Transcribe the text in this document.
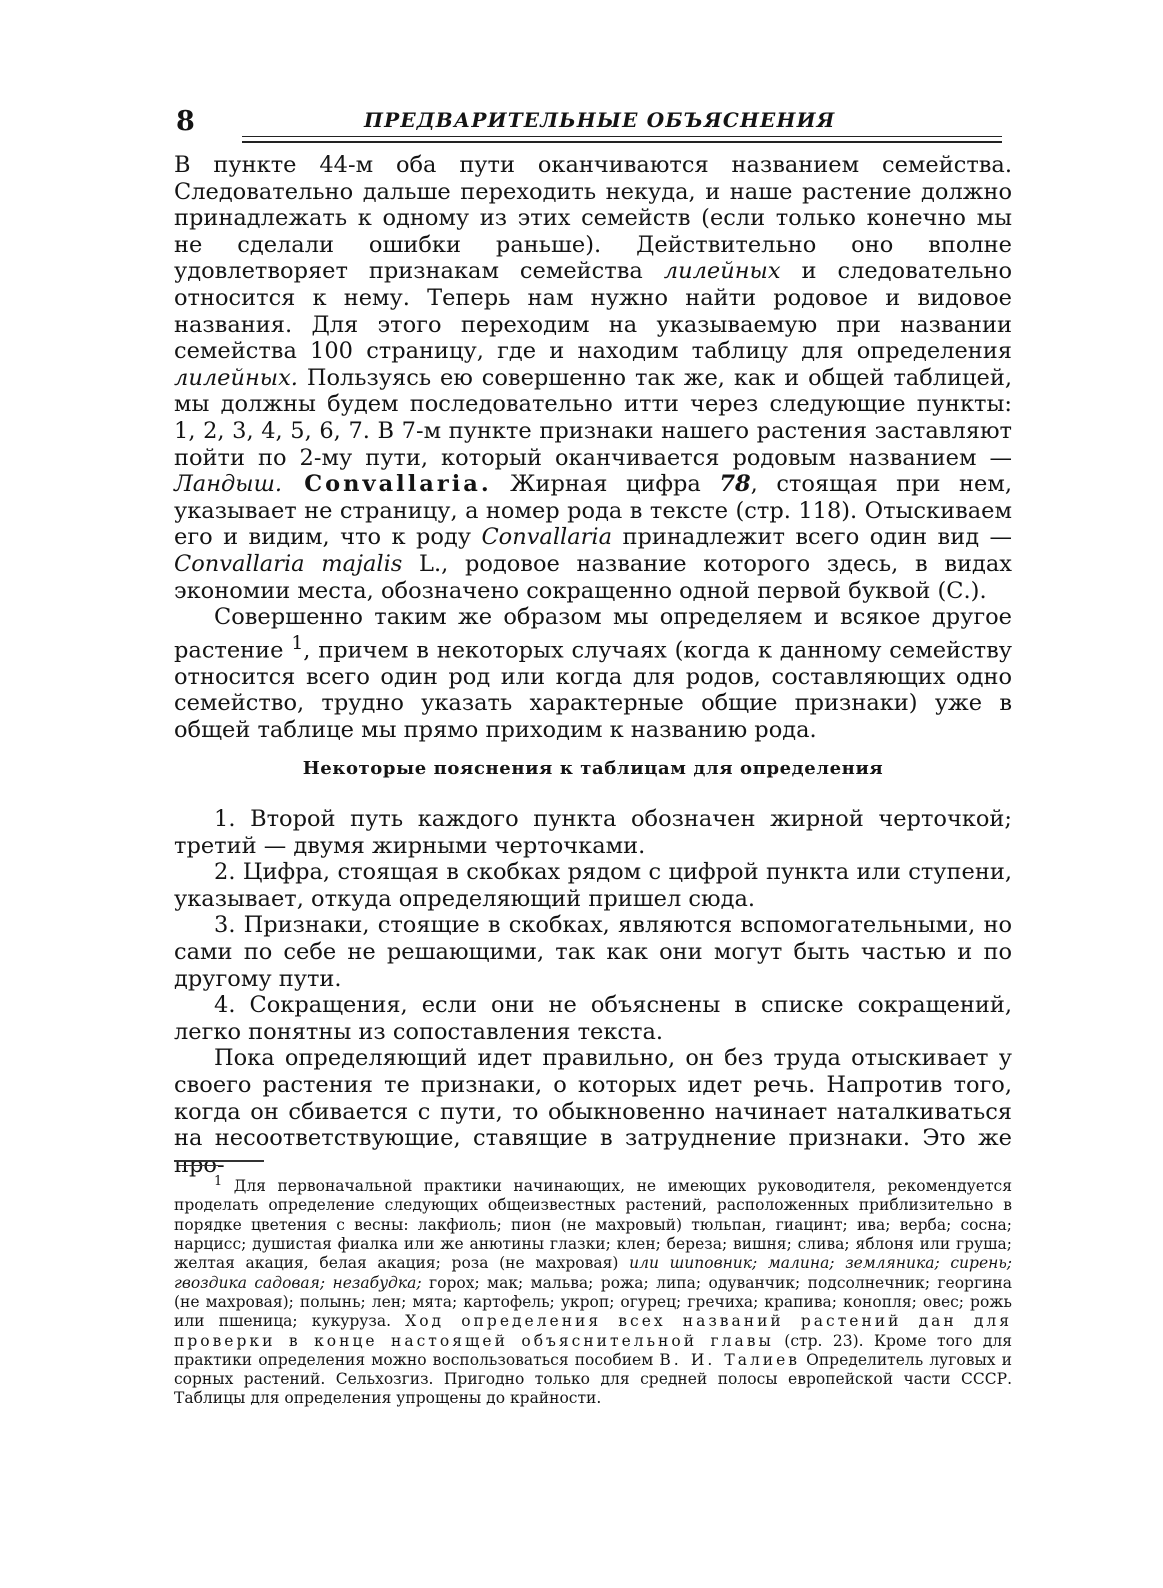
8	ПРЕДВАРИТЕЛЬНЫЕ ОБЪЯСНЕНИЯ

В пункте 44-м оба пути оканчиваются названием семейства. Следовательно дальше переходить некуда, и наше растение должно принадлежать к одному из этих семейств (если только конечно мы не сделали ошибки раньше). Действительно оно вполне удовлетворяет признакам семейства лилейных и следовательно относится к нему. Теперь нам нужно найти родовое и видовое названия. Для этого переходим на указываемую при названии семейства 100 страницу, где и находим таблицу для определения лилейных. Пользуясь ею совершенно так же, как и общей таблицей, мы должны будем последовательно итти через следующие пункты: 1, 2, 3, 4, 5, 6, 7. В 7-м пункте признаки нашего растения заставляют пойти по 2-му пути, который оканчивается родовым названием — Ландыш. Convallaria. Жирная цифра 78, стоящая при нем, указывает не страницу, а номер рода в тексте (стр. 118). Отыскиваем его и видим, что к роду Convallaria принадлежит всего один вид — Convallaria majalis L., родовое название которого здесь, в видах экономии места, обозначено сокращенно одной первой буквой (С.).

Совершенно таким же образом мы определяем и всякое другое растение $^1$, причем в некоторых случаях (когда к данному семейству относится всего один род или когда для родов, составляющих одно семейство, трудно указать характерные общие признаки) уже в общей таблице мы прямо приходим к названию рода.

Некоторые пояснения к таблицам для определения

1. Второй путь каждого пункта обозначен жирной черточкой; третий — двумя жирными черточками.

2. Цифра, стоящая в скобках рядом с цифрой пункта или ступени, указывает, откуда определяющий пришел сюда.

3. Признаки, стоящие в скобках, являются вспомогательными, но сами по себе не решающими, так как они могут быть частью и по другому пути.

4. Сокращения, если они не объяснены в списке сокращений, легко понятны из сопоставления текста.

Пока определяющий идет правильно, он без труда отыскивает у своего растения те признаки, о которых идет речь. Напротив того, когда он сбивается с пути, то обыкновенно начинает наталкиваться на несоответствующие, ставящие в затруднение признаки. Это же про-

$^1$ Для первоначальной практики начинающих, не имеющих руководителя, рекомендуется проделать определение следующих общеизвестных растений, расположенных приблизительно в порядке цветения с весны: лакфиоль; пион (не махровый) тюльпан, гиацинт; ива; верба; сосна; нарцисс; душистая фиалка или же анютины глазки; клен; береза; вишня; слива; яблоня или груша; желтая акация, белая акация; роза (не махровая) или шиповник; малина; земляника; сирень; гвоздика садовая; незабудка; горох; мак; мальва; рожа; липа; одуванчик; подсолнечник; георгина (не махровая); полынь; лен; мята; картофель; укроп; огурец; гречиха; крапива; конопля; овес; рожь или пшеница; кукуруза. Ход определения всех названий растений дан для проверки в конце настоящей объяснительной главы (стр. 23). Кроме того для практики определения можно воспользоваться пособием В. И. Талиев Определитель луговых и сорных растений. Сельхозгиз. Пригодно только для средней полосы европейской части СССР. Таблицы для определения упрощены до крайности.
